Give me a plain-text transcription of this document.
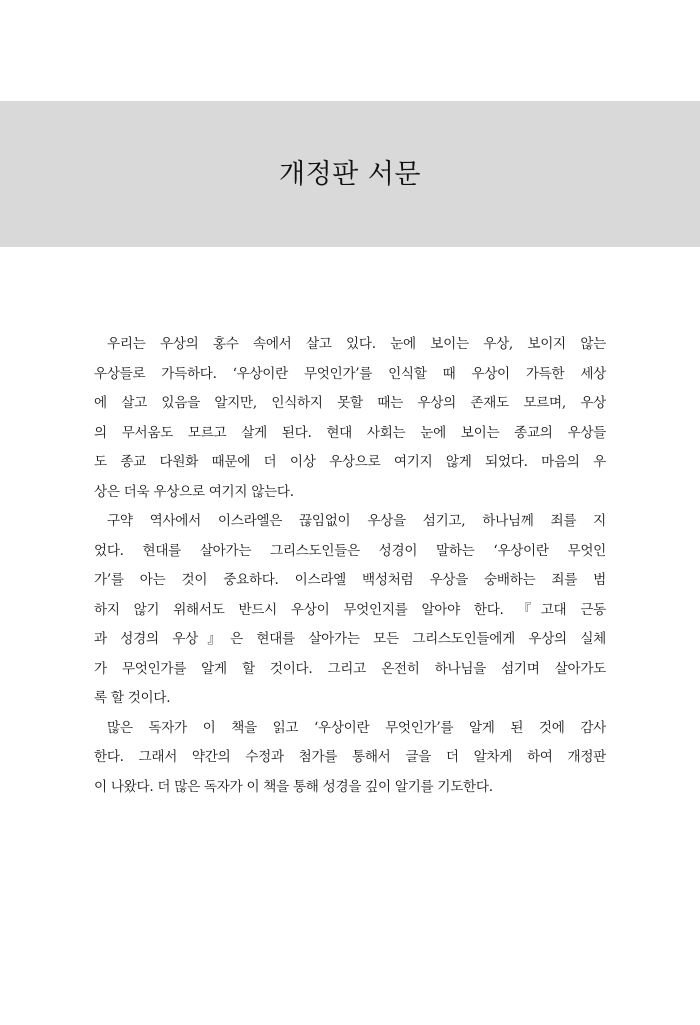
개정판 서문
우리는 우상의 홍수 속에서 살고 있다. 눈에 보이는 우상, 보이지 않는
우상들로 가득하다. ‘우상이란 무엇인가’를 인식할 때 우상이 가득한 세상
에 살고 있음을 알지만, 인식하지 못할 때는 우상의 존재도 모르며, 우상
의 무서움도 모르고 살게 된다. 현대 사회는 눈에 보이는 종교의 우상들
도 종교 다원화 때문에 더 이상 우상으로 여기지 않게 되었다. 마음의 우
상은 더욱 우상으로 여기지 않는다.
구약 역사에서 이스라엘은 끊임없이 우상을 섬기고, 하나님께 죄를 지
었다. 현대를 살아가는 그리스도인들은 성경이 말하는 ‘우상이란 무엇인
가’를 아는 것이 중요하다. 이스라엘 백성처럼 우상을 숭배하는 죄를 범
하지 않기 위해서도 반드시 우상이 무엇인지를 알아야 한다. 『고대 근동
과 성경의 우상』은 현대를 살아가는 모든 그리스도인들에게 우상의 실체
가 무엇인가를 알게 할 것이다. 그리고 온전히 하나님을 섬기며 살아가도
록 할 것이다.
많은 독자가 이 책을 읽고 ‘우상이란 무엇인가’를 알게 된 것에 감사
한다. 그래서 약간의 수정과 첨가를 통해서 글을 더 알차게 하여 개정판
이 나왔다. 더 많은 독자가 이 책을 통해 성경을 깊이 알기를 기도한다.
